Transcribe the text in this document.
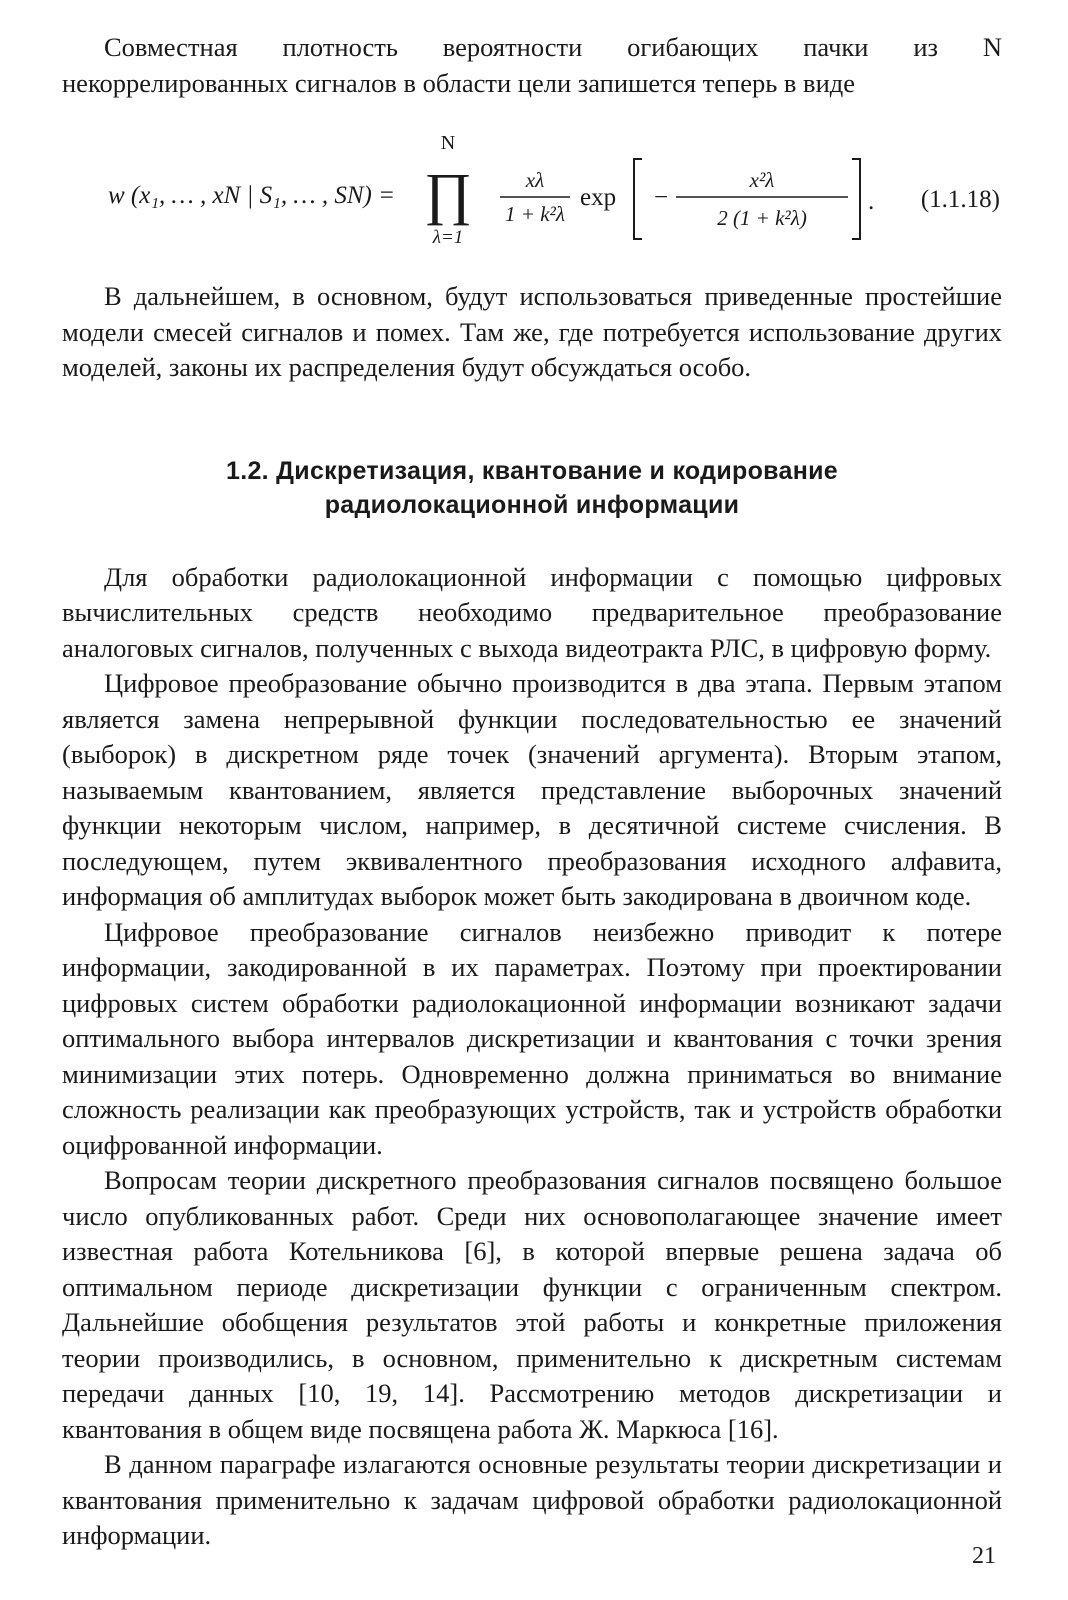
Совместная плотность вероятности огибающих пачки из N некоррелированных сигналов в области цели запишется теперь в виде

w (x₁, … , xN | S₁, … , SN) =
N
∏
λ=1
xλ
1 + k²λ
exp −
x²λ
2 (1 + k²λ)
. (1.1.18)

В дальнейшем, в основном, будут использоваться приведенные простейшие модели смесей сигналов и помех. Там же, где потребуется использование других моделей, законы их распределения будут обсуждаться особо.

1.2. Дискретизация, квантование и кодирование
радиолокационной информации

Для обработки радиолокационной информации с помощью цифровых вычислительных средств необходимо предварительное преобразование аналоговых сигналов, полученных с выхода видеотракта РЛС, в цифровую форму.

Цифровое преобразование обычно производится в два этапа. Первым этапом является замена непрерывной функции последовательностью ее значений (выборок) в дискретном ряде точек (значений аргумента). Вторым этапом, называемым квантованием, является представление выборочных значений функции некоторым числом, например, в десятичной системе счисления. В последующем, путем эквивалентного преобразования исходного алфавита, информация об амплитудах выборок может быть закодирована в двоичном коде.

Цифровое преобразование сигналов неизбежно приводит к потере информации, закодированной в их параметрах. Поэтому при проектировании цифровых систем обработки радиолокационной информации возникают задачи оптимального выбора интервалов дискретизации и квантования с точки зрения минимизации этих потерь. Одновременно должна приниматься во внимание сложность реализации как преобразующих устройств, так и устройств обработки оцифрованной информации.

Вопросам теории дискретного преобразования сигналов посвящено большое число опубликованных работ. Среди них основополагающее значение имеет известная работа Котельникова [6], в которой впервые решена задача об оптимальном периоде дискретизации функции с ограниченным спектром. Дальнейшие обобщения результатов этой работы и конкретные приложения теории производились, в основном, применительно к дискретным системам передачи данных [10, 19, 14]. Рассмотрению методов дискретизации и квантования в общем виде посвящена работа Ж. Маркюса [16].

В данном параграфе излагаются основные результаты теории дискретизации и квантования применительно к задачам цифровой обработки радиолокационной информации.

21
